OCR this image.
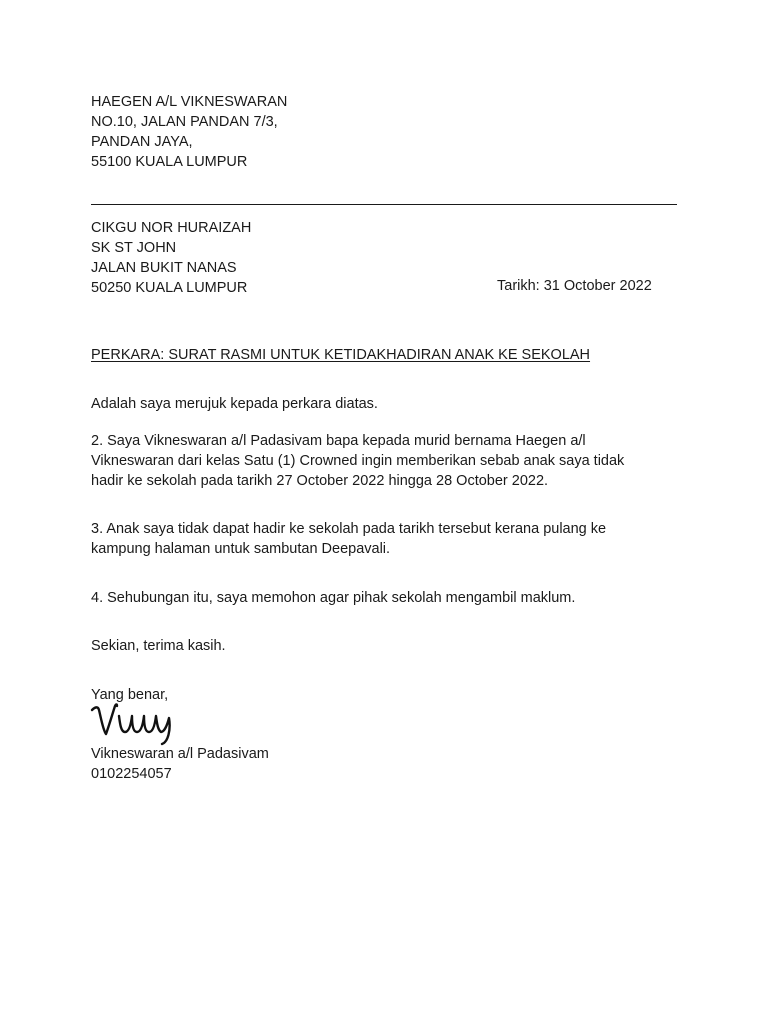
HAEGEN A/L VIKNESWARAN
NO.10, JALAN PANDAN 7/3,
PANDAN JAYA,
55100 KUALA LUMPUR
CIKGU NOR HURAIZAH
SK ST JOHN
JALAN BUKIT NANAS
50250 KUALA LUMPUR	Tarikh: 31 October 2022
PERKARA: SURAT RASMI UNTUK KETIDAKHADIRAN ANAK KE SEKOLAH
Adalah saya merujuk kepada perkara diatas.
2. Saya Vikneswaran a/l Padasivam bapa kepada murid bernama Haegen a/l
Vikneswaran dari kelas Satu (1) Crowned ingin memberikan sebab anak saya tidak
hadir ke sekolah pada tarikh 27 October 2022 hingga 28 October 2022.
3. Anak saya tidak dapat hadir ke sekolah pada tarikh tersebut kerana pulang ke
kampung halaman untuk sambutan Deepavali.
4. Sehubungan itu, saya memohon agar pihak sekolah mengambil maklum.
Sekian, terima kasih.
Yang benar,
Vikneswaran a/l Padasivam
0102254057
